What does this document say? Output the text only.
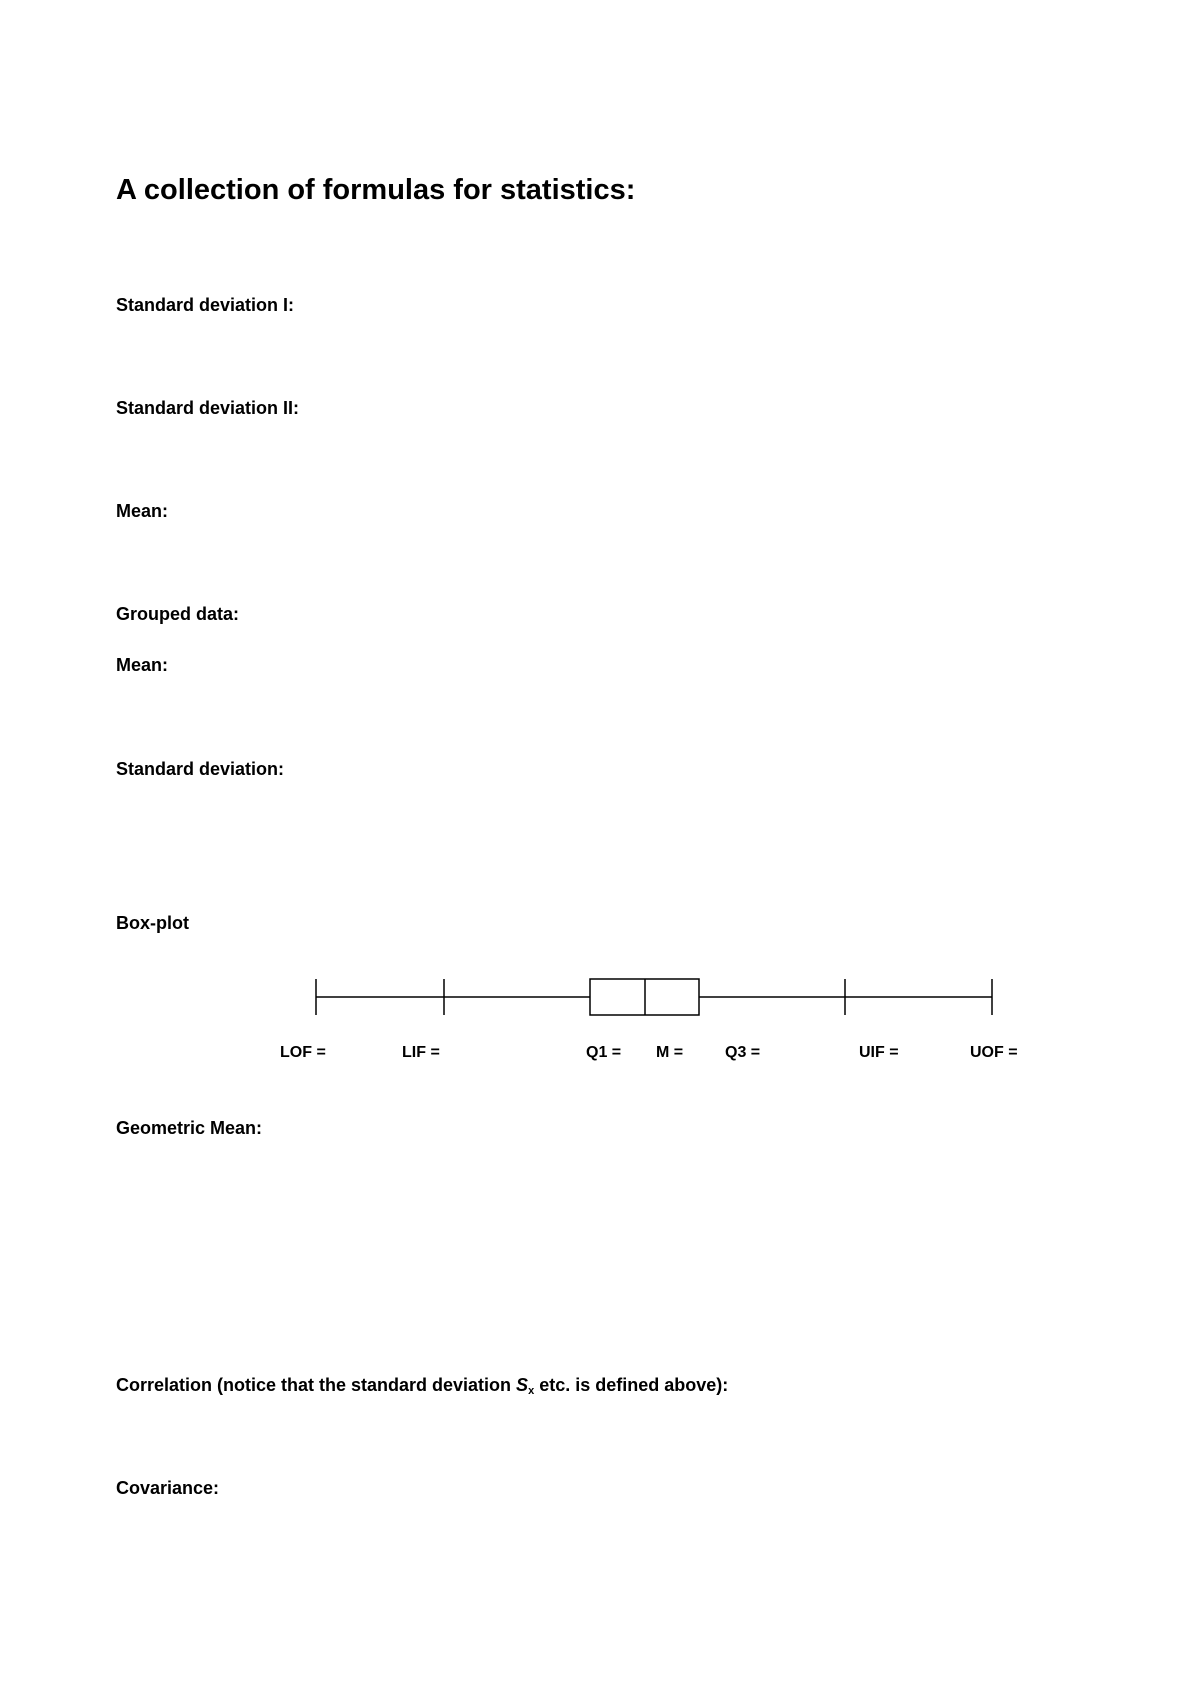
A collection of formulas for statistics:
Standard deviation I:
Standard deviation II:
Mean:
Grouped data:
Mean:
Standard deviation:
Box-plot
LOF =	LIF =	Q1 = M =	Q3 =	UIF =	UOF =
Geometric Mean:
Correlation (notice that the standard deviation Sx etc. is defined above):
Covariance:
